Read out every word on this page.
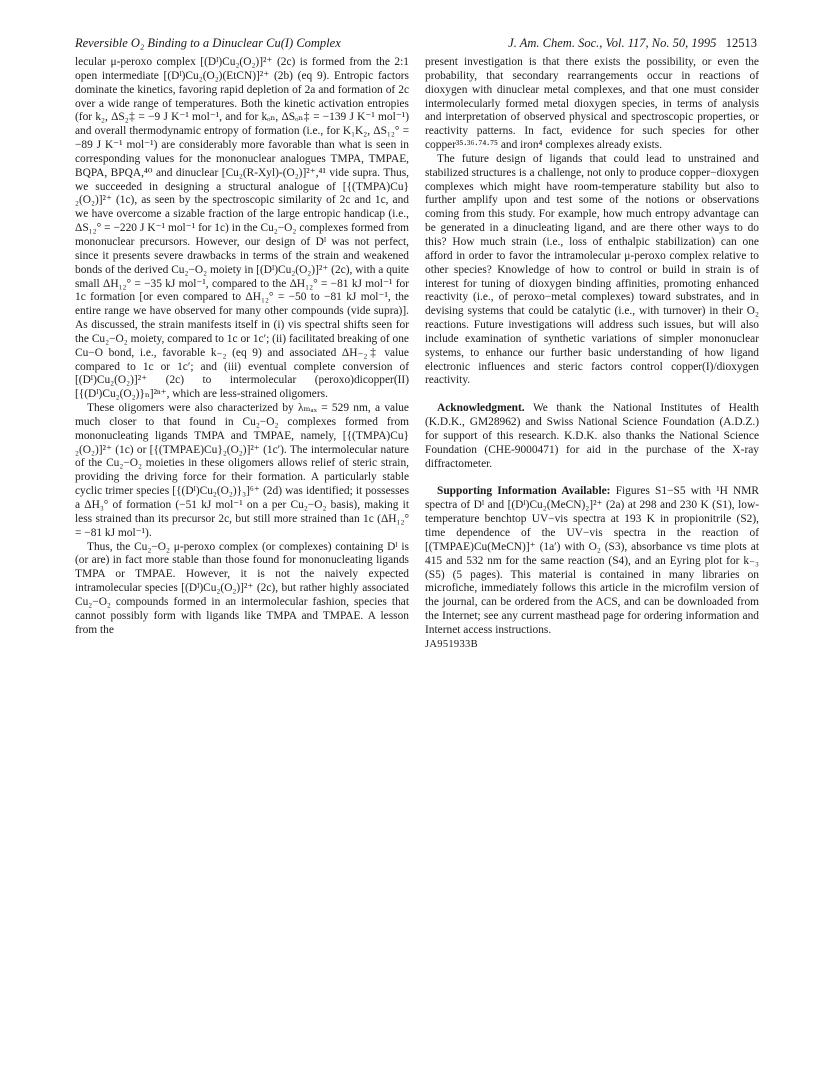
Reversible O₂ Binding to a Dinuclear Cu(I) Complex	J. Am. Chem. Soc., Vol. 117, No. 50, 1995 12513

lecular μ-peroxo complex [(Dᴵ)Cu₂(O₂)]²⁺ (2c) is formed from the 2:1 open intermediate [(Dᴵ)Cu₂(O₂)(EtCN)]²⁺ (2b) (eq 9). Entropic factors dominate the kinetics, favoring rapid depletion of 2a and formation of 2c over a wide range of temperatures. Both the kinetic activation entropies (for k₂, ΔS₂‡ = −9 J K⁻¹ mol⁻¹, and for kₒₙ, ΔSₒₙ‡ = −139 J K⁻¹ mol⁻¹) and overall thermodynamic entropy of formation (i.e., for K₁K₂, ΔS₁₂° = −89 J K⁻¹ mol⁻¹) are considerably more favorable than what is seen in corresponding values for the mononuclear analogues TMPA, TMPAE, BQPA, BPQA,⁴⁰ and dinuclear [Cu₂(R-Xyl)-(O₂)]²⁺,⁴¹ vide supra. Thus, we succeeded in designing a structural analogue of [{(TMPA)Cu}₂(O₂)]²⁺ (1c), as seen by the spectroscopic similarity of 2c and 1c, and we have overcome a sizable fraction of the large entropic handicap (i.e., ΔS₁₂° = −220 J K⁻¹ mol⁻¹ for 1c) in the Cu₂−O₂ complexes formed from mononuclear precursors. However, our design of Dᴵ was not perfect, since it presents severe drawbacks in terms of the strain and weakened bonds of the derived Cu₂−O₂ moiety in [(Dᴵ)Cu₂(O₂)]²⁺ (2c), with a quite small ΔH₁₂° = −35 kJ mol⁻¹, compared to the ΔH₁₂° = −81 kJ mol⁻¹ for 1c formation [or even compared to ΔH₁₂° = −50 to −81 kJ mol⁻¹, the entire range we have observed for many other compounds (vide supra)]. As discussed, the strain manifests itself in (i) vis spectral shifts seen for the Cu₂−O₂ moiety, compared to 1c or 1c′; (ii) facilitated breaking of one Cu−O bond, i.e., favorable k₋₂ (eq 9) and associated ΔH₋₂‡ value compared to 1c or 1c′; and (iii) eventual complete conversion of [(Dᴵ)Cu₂(O₂)]²⁺ (2c) to intermolecular (peroxo)dicopper(II) [{(Dᴵ)Cu₂(O₂)}ₙ]²ⁿ⁺, which are less-strained oligomers.

These oligomers were also characterized by λₘₐₓ = 529 nm, a value much closer to that found in Cu₂−O₂ complexes formed from mononucleating ligands TMPA and TMPAE, namely, [{(TMPA)Cu}₂(O₂)]²⁺ (1c) or [{(TMPAE)Cu}₂(O₂)]²⁺ (1c′). The intermolecular nature of the Cu₂−O₂ moieties in these oligomers allows relief of steric strain, providing the driving force for their formation. A particularly stable cyclic trimer species [{(Dᴵ)Cu₂(O₂)}₃]⁶⁺ (2d) was identified; it possesses a ΔH₃° of formation (−51 kJ mol⁻¹ on a per Cu₂−O₂ basis), making it less strained than its precursor 2c, but still more strained than 1c (ΔH₁₂° = −81 kJ mol⁻¹).

Thus, the Cu₂−O₂ μ-peroxo complex (or complexes) containing Dᴵ is (or are) in fact more stable than those found for mononucleating ligands TMPA or TMPAE. However, it is not the naively expected intramolecular species [(Dᴵ)Cu₂(O₂)]²⁺ (2c), but rather highly associated Cu₂−O₂ compounds formed in an intermolecular fashion, species that cannot possibly form with ligands like TMPA and TMPAE. A lesson from the

present investigation is that there exists the possibility, or even the probability, that secondary rearrangements occur in reactions of dioxygen with dinuclear metal complexes, and that one must consider intermolecularly formed metal dioxygen species, in terms of analysis and interpretation of observed physical and spectroscopic properties, or reactivity patterns. In fact, evidence for such species for other copper³⁵·³⁶·⁷⁴·⁷⁵ and iron⁴ complexes already exists.

The future design of ligands that could lead to unstrained and stabilized structures is a challenge, not only to produce copper−dioxygen complexes which might have room-temperature stability but also to further amplify upon and test some of the notions or observations coming from this study. For example, how much entropy advantage can be generated in a dinucleating ligand, and are there other ways to do this? How much strain (i.e., loss of enthalpic stabilization) can one afford in order to favor the intramolecular μ-peroxo complex relative to other species? Knowledge of how to control or build in strain is of interest for tuning of dioxygen binding affinities, promoting enhanced reactivity (i.e., of peroxo−metal complexes) toward substrates, and in devising systems that could be catalytic (i.e., with turnover) in their O₂ reactions. Future investigations will address such issues, but will also include examination of synthetic variations of simpler mononuclear systems, to enhance our further basic understanding of how ligand electronic influences and steric factors control copper(I)/dioxygen reactivity.

Acknowledgment. We thank the National Institutes of Health (K.D.K., GM28962) and Swiss National Science Foundation (A.D.Z.) for support of this research. K.D.K. also thanks the National Science Foundation (CHE-9000471) for aid in the purchase of the X-ray diffractometer.

Supporting Information Available: Figures S1−S5 with ¹H NMR spectra of Dᴵ and [(Dᴵ)Cu₂(MeCN)₂]²⁺ (2a) at 298 and 230 K (S1), low-temperature benchtop UV−vis spectra at 193 K in propionitrile (S2), time dependence of the UV−vis spectra in the reaction of [(TMPAE)Cu(MeCN)]⁺ (1a′) with O₂ (S3), absorbance vs time plots at 415 and 532 nm for the same reaction (S4), and an Eyring plot for k₋₃ (S5) (5 pages). This material is contained in many libraries on microfiche, immediately follows this article in the microfilm version of the journal, can be ordered from the ACS, and can be downloaded from the Internet; see any current masthead page for ordering information and Internet access instructions.

JA951933B
